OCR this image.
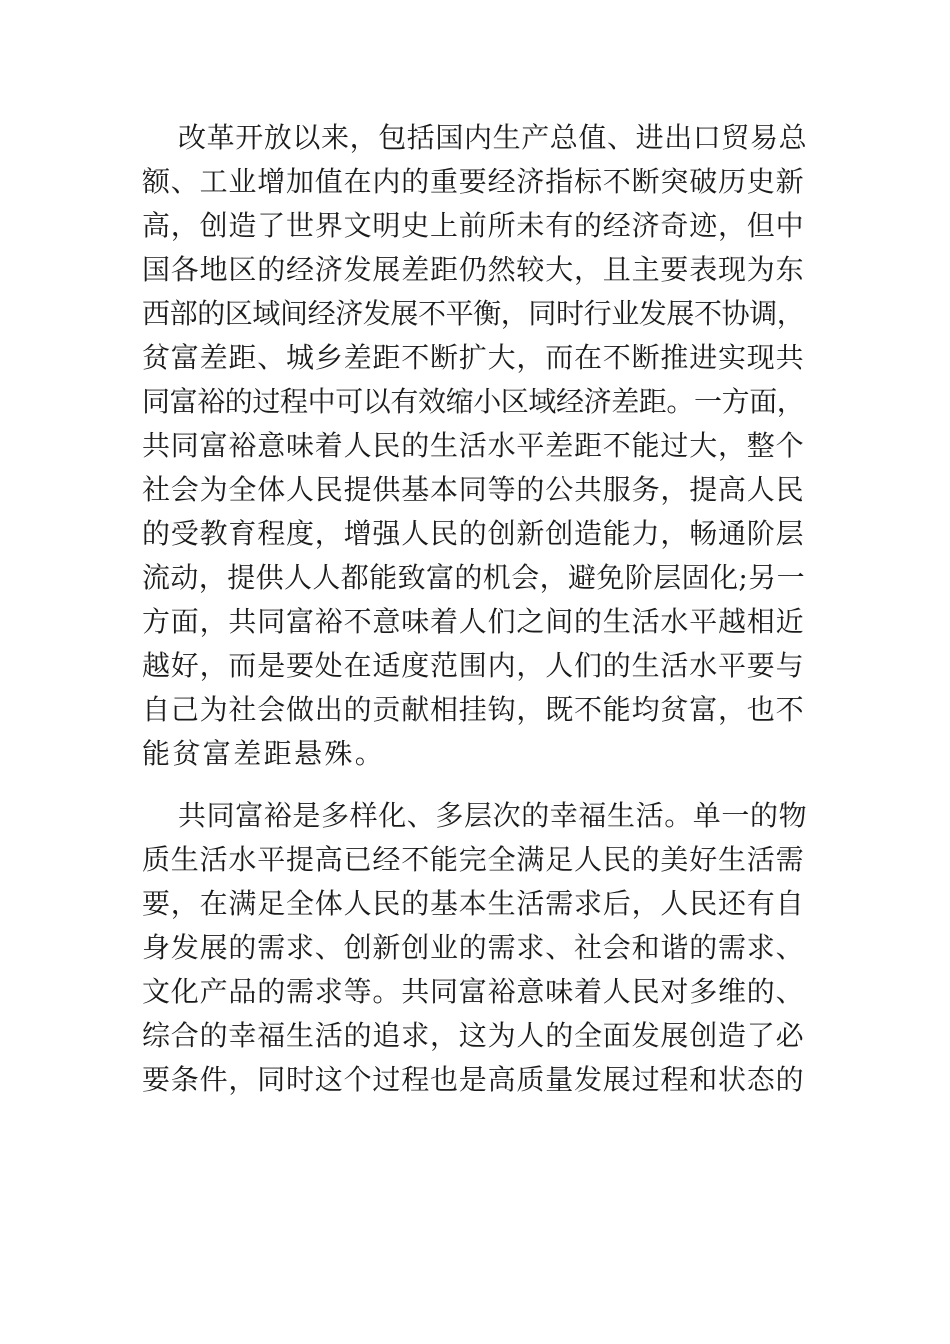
改革开放以来，包括国内生产总值、进出口贸易总
额、工业增加值在内的重要经济指标不断突破历史新
高，创造了世界文明史上前所未有的经济奇迹，但中
国各地区的经济发展差距仍然较大，且主要表现为东
西部的区域间经济发展不平衡，同时行业发展不协调，
贫富差距、城乡差距不断扩大，而在不断推进实现共
同富裕的过程中可以有效缩小区域经济差距。一方面，
共同富裕意味着人民的生活水平差距不能过大，整个
社会为全体人民提供基本同等的公共服务，提高人民
的受教育程度，增强人民的创新创造能力，畅通阶层
流动，提供人人都能致富的机会，避免阶层固化;另一
方面，共同富裕不意味着人们之间的生活水平越相近
越好，而是要处在适度范围内，人们的生活水平要与
自己为社会做出的贡献相挂钩，既不能均贫富，也不
能贫富差距悬殊。
共同富裕是多样化、多层次的幸福生活。单一的物
质生活水平提高已经不能完全满足人民的美好生活需
要，在满足全体人民的基本生活需求后，人民还有自
身发展的需求、创新创业的需求、社会和谐的需求、
文化产品的需求等。共同富裕意味着人民对多维的、
综合的幸福生活的追求，这为人的全面发展创造了必
要条件，同时这个过程也是高质量发展过程和状态的
